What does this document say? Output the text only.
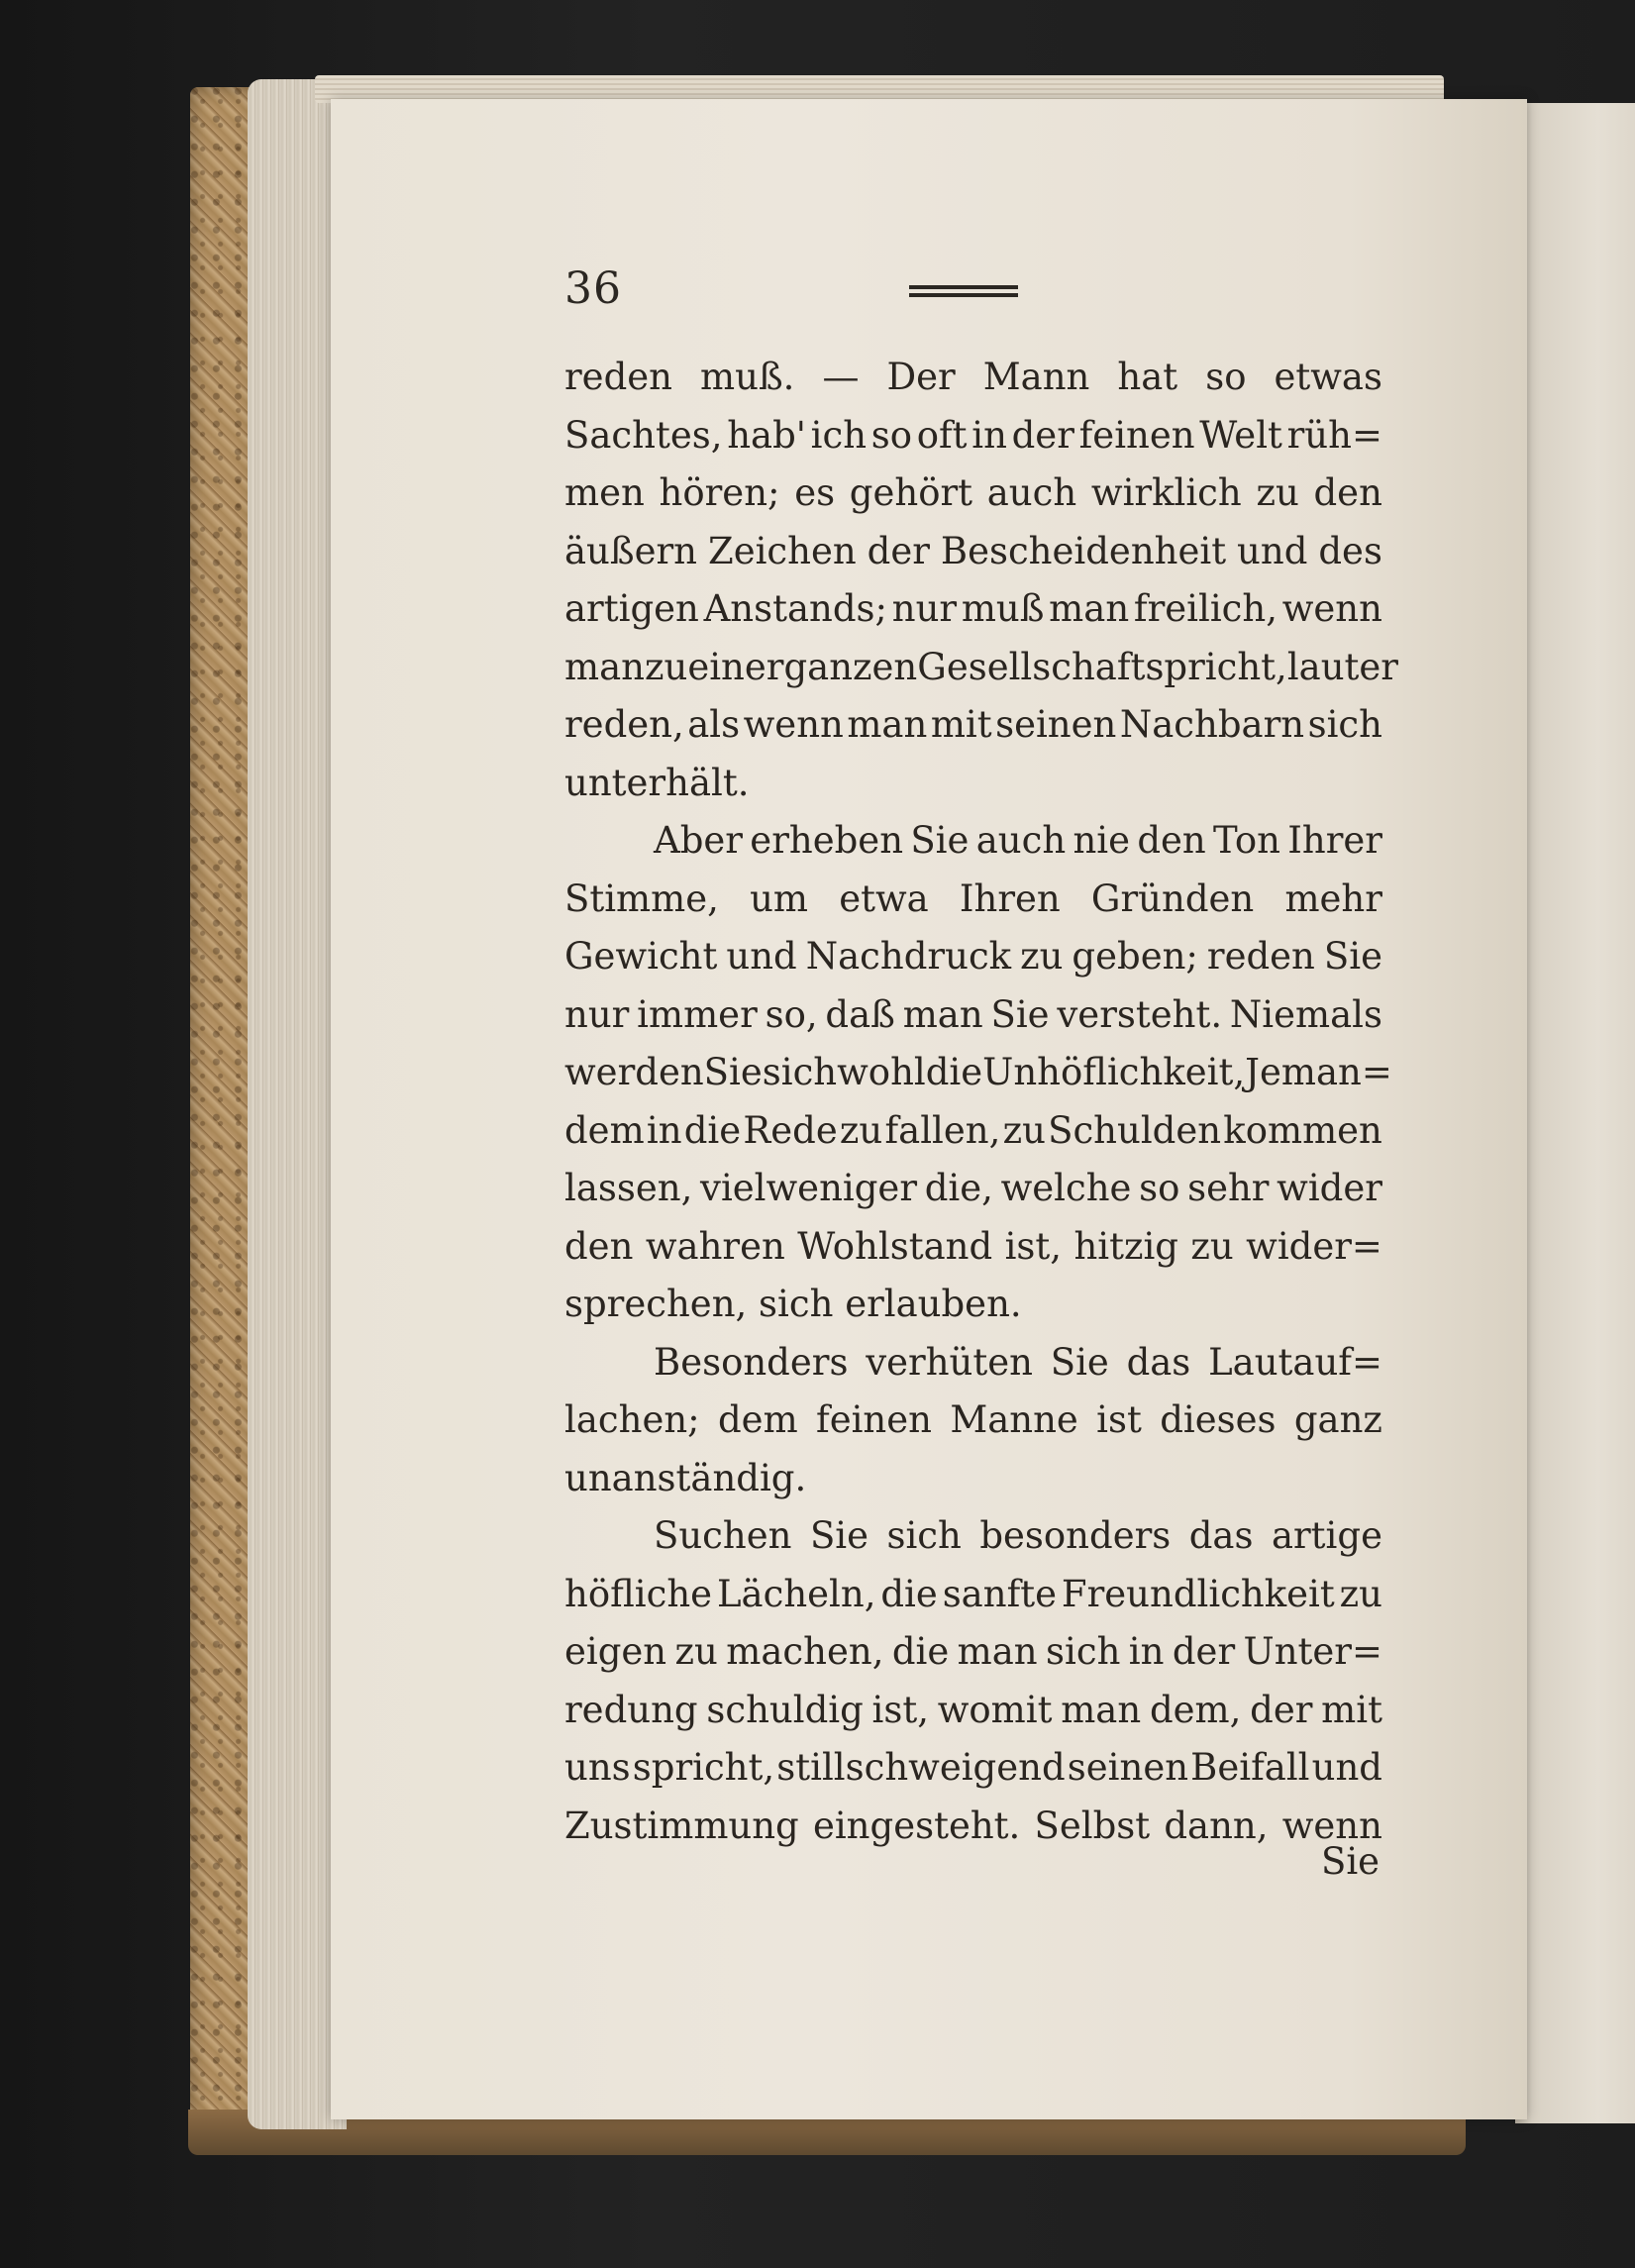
36
reden muß. — Der Mann hat so etwas
Sachtes, hab' ich so oft in der feinen Welt rüh=
men hören; es gehört auch wirklich zu den
äußern Zeichen der Bescheidenheit und des
artigen Anstands; nur muß man freilich, wenn
man zu einer ganzen Gesellschaft spricht, lauter
reden, als wenn man mit seinen Nachbarn sich
unterhält.
Aber erheben Sie auch nie den Ton Ihrer
Stimme, um etwa Ihren Gründen mehr
Gewicht und Nachdruck zu geben; reden Sie
nur immer so, daß man Sie versteht. Niemals
werden Sie sich wohl die Unhöflichkeit, Jeman=
dem in die Rede zu fallen, zu Schulden kommen
lassen, vielweniger die, welche so sehr wider
den wahren Wohlstand ist, hitzig zu wider=
sprechen, sich erlauben.
Besonders verhüten Sie das Lautauf=
lachen; dem feinen Manne ist dieses ganz
unanständig.
Suchen Sie sich besonders das artige
höfliche Lächeln, die sanfte Freundlichkeit zu
eigen zu machen, die man sich in der Unter=
redung schuldig ist, womit man dem, der mit
uns spricht, stillschweigend seinen Beifall und
Zustimmung eingesteht. Selbst dann, wenn
Sie
